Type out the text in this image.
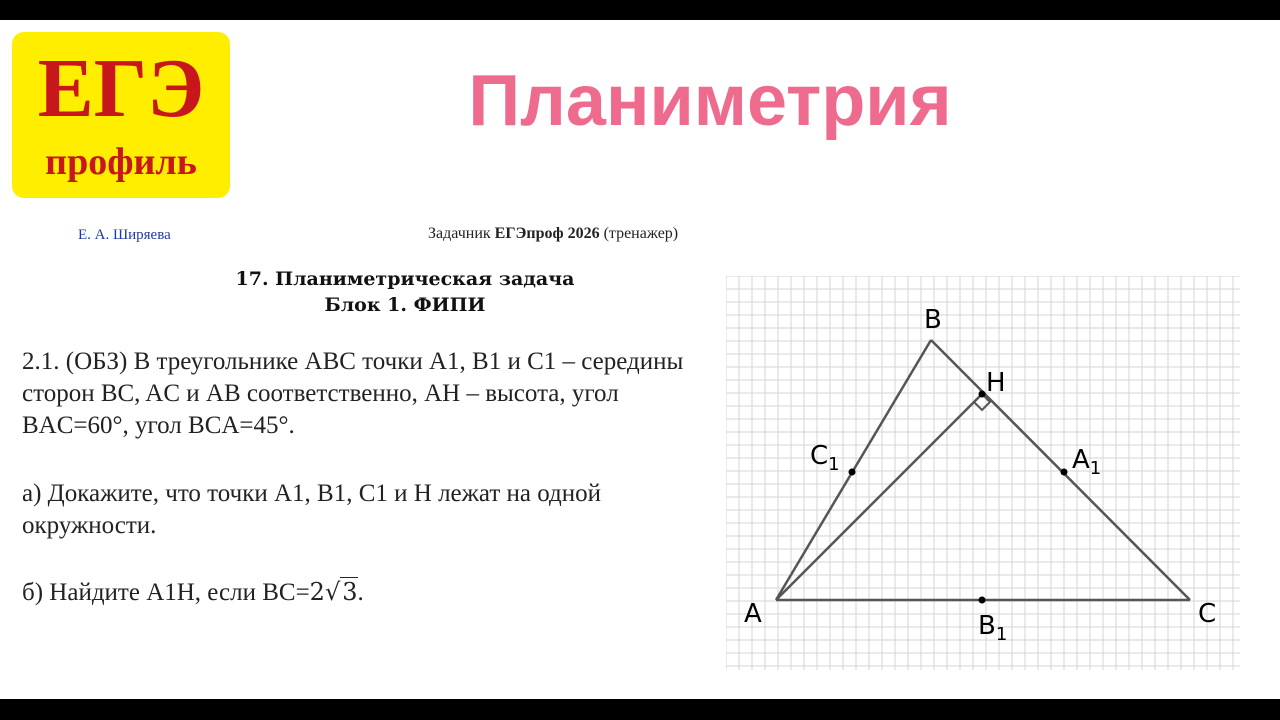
ЕГЭ
профиль
Планиметрия
Е. А. Ширяева	Задачник ЕГЭпроф 2026 (тренажер)
17. Планиметрическая задача
Блок 1. ФИПИ
2.1. (ОБЗ) В треугольнике ABC точки A1, B1 и C1 – середины сторон BC, AC и AB соответственно, AH – высота, угол BAC=60°, угол BCA=45°.
а) Докажите, что точки A1, B1, C1 и H лежат на одной окружности.
б) Найдите A1H, если BC=2√3.
B
H
A	C
$C_1$	$A_1$
$B_1$
